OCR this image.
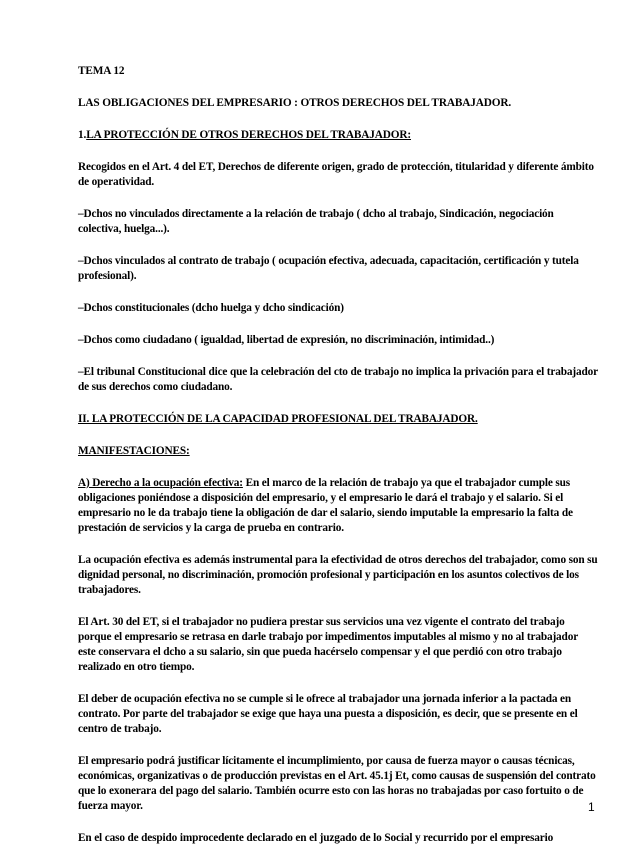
TEMA 12

LAS OBLIGACIONES DEL EMPRESARIO : OTROS DERECHOS DEL TRABAJADOR.

1.LA PROTECCIÓN DE OTROS DERECHOS DEL TRABAJADOR:

Recogidos en el Art. 4 del ET, Derechos de diferente origen, grado de protección, titularidad y diferente ámbito de operatividad.

–Dchos no vinculados directamente a la relación de trabajo ( dcho al trabajo, Sindicación, negociación colectiva, huelga...).

–Dchos vinculados al contrato de trabajo ( ocupación efectiva, adecuada, capacitación, certificación y tutela profesional).

–Dchos constitucionales (dcho huelga y dcho sindicación)

–Dchos como ciudadano ( igualdad, libertad de expresión, no discriminación, intimidad..)

–El tribunal Constitucional dice que la celebración del cto de trabajo no implica la privación para el trabajador de sus derechos como ciudadano.

II. LA PROTECCIÓN DE LA CAPACIDAD PROFESIONAL DEL TRABAJADOR.

MANIFESTACIONES:

A) Derecho a la ocupación efectiva: En el marco de la relación de trabajo ya que el trabajador cumple sus obligaciones poniéndose a disposición del empresario, y el empresario le dará el trabajo y el salario. Si el empresario no le da trabajo tiene la obligación de dar el salario, siendo imputable la empresario la falta de prestación de servicios y la carga de prueba en contrario.

La ocupación efectiva es además instrumental para la efectividad de otros derechos del trabajador, como son su dignidad personal, no discriminación, promoción profesional y participación en los asuntos colectivos de los trabajadores.

El Art. 30 del ET, si el trabajador no pudiera prestar sus servicios una vez vigente el contrato del trabajo porque el empresario se retrasa en darle trabajo por impedimentos imputables al mismo y no al trabajador este conservara el dcho a su salario, sin que pueda hacérselo compensar y el que perdió con otro trabajo realizado en otro tiempo.

El deber de ocupación efectiva no se cumple si le ofrece al trabajador una jornada inferior a la pactada en contrato. Por parte del trabajador se exige que haya una puesta a disposición, es decir, que se presente en el centro de trabajo.

El empresario podrá justificar lícitamente el incumplimiento, por causa de fuerza mayor o causas técnicas, económicas, organizativas o de producción previstas en el Art. 45.1j Et, como causas de suspensión del contrato que lo exonerara del pago del salario. También ocurre esto con las horas no trabajadas por caso fortuito o de fuerza mayor.

En el caso de despido improcedente declarado en el juzgado de lo Social y recurrido por el empresario

1
